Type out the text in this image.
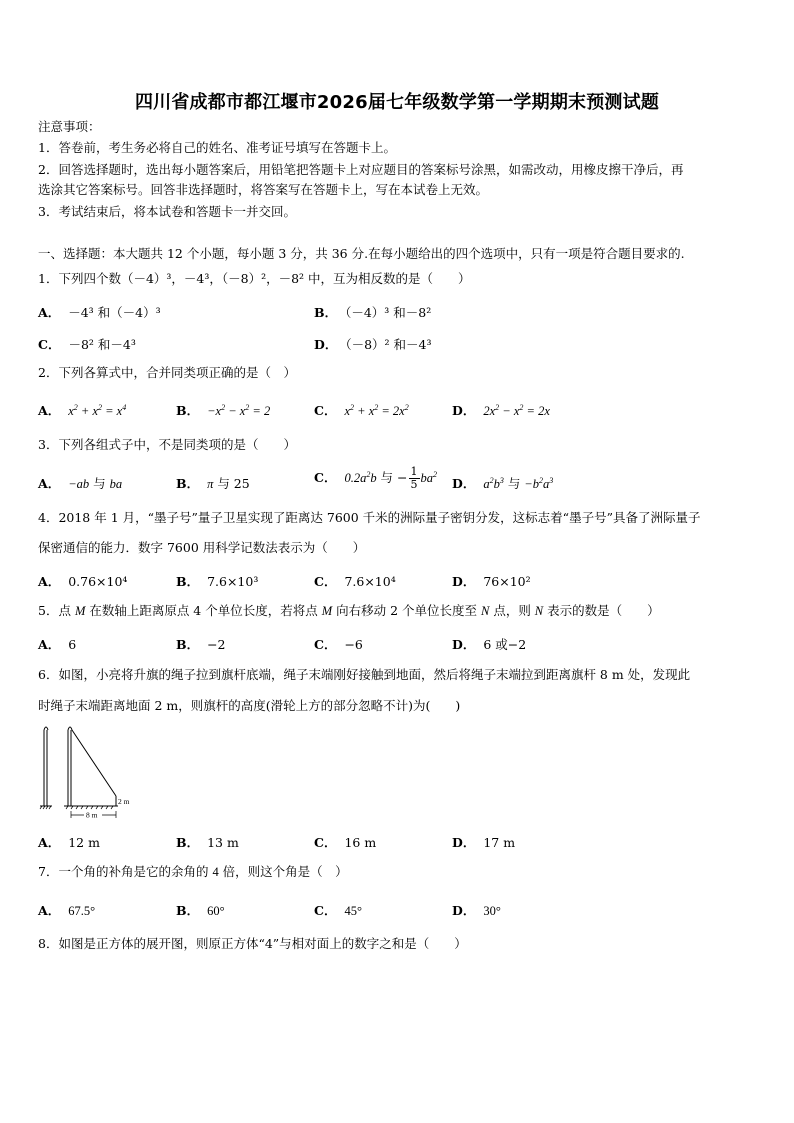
四川省成都市都江堰市2026届七年级数学第一学期期末预测试题
注意事项：
1．答卷前，考生务必将自己的姓名、准考证号填写在答题卡上。
2．回答选择题时，选出每小题答案后，用铅笔把答题卡上对应题目的答案标号涂黑，如需改动，用橡皮擦干净后，再
选涂其它答案标号。回答非选择题时，将答案写在答题卡上，写在本试卷上无效。
3．考试结束后，将本试卷和答题卡一并交回。
一、选择题：本大题共 12 个小题，每小题 3 分，共 36 分.在每小题给出的四个选项中，只有一项是符合题目要求的.
1．下列四个数（－4）³，－4³，（－8）²，－8² 中，互为相反数的是（　　）
A． －4³ 和（－4）³	B． （－4）³ 和－8²
C． －8² 和－4³	D． （－8）² 和－4³
2．下列各算式中，合并同类项正确的是（　）
A． $x^2 + x^2 = x^4$	B． $-x^2 - x^2 = 2$	C． $x^2 + x^2 = 2x^2$	D． $2x^2 - x^2 = 2x$
3．下列各组式子中，不是同类项的是（　　）
A． −ab 与 ba	B． π 与 25	C． $0.2a^2b$ 与 − $\frac{1}{5} ba^2$
D． $a^2b^3$ 与 $-b^2a^3$
4．2018 年 1 月，“墨子号”量子卫星实现了距离达 7600 千米的洲际量子密钥分发，这标志着“墨子号”具备了洲际量子
保密通信的能力．数字 7600 用科学记数法表示为（　　）
A． 0.76×10⁴	B． 7.6×10³	C． 7.6×10⁴	D． 76×10²
5．点 M 在数轴上距离原点 4 个单位长度，若将点 M 向右移动 2 个单位长度至 N 点，则 N 表示的数是（　　）
A． 6	B． −2	C． −6	D． 6 或−2
6．如图，小亮将升旗的绳子拉到旗杆底端，绳子末端刚好接触到地面，然后将绳子末端拉到距离旗杆 8 m 处，发现此
时绳子末端距离地面 2 m，则旗杆的高度(滑轮上方的部分忽略不计)为(　　)
2 m
8 m
A． 12 m	B． 13 m	C． 16 m	D． 17 m
7．一个角的补角是它的余角的 4 倍，则这个角是（　）
A． 67.5°	B． 60°	C． 45°	D． 30°
8．如图是正方体的展开图，则原正方体“4”与相对面上的数字之和是（　　）
